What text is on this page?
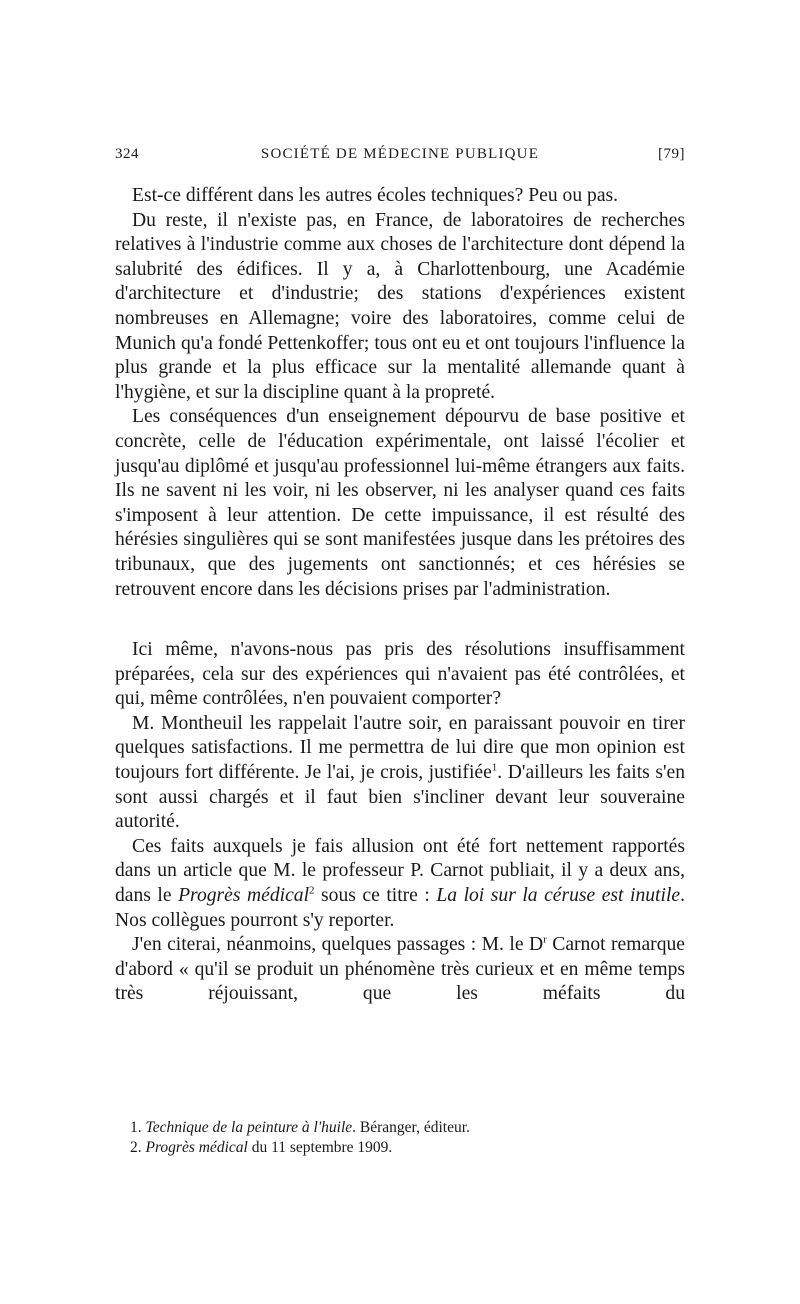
324	SOCIÉTÉ DE MÉDECINE PUBLIQUE	[79]

Est-ce différent dans les autres écoles techniques? Peu ou pas.

Du reste, il n'existe pas, en France, de laboratoires de recherches relatives à l'industrie comme aux choses de l'architecture dont dépend la salubrité des édifices. Il y a, à Charlottenbourg, une Académie d'architecture et d'industrie; des stations d'expériences existent nombreuses en Allemagne; voire des laboratoires, comme celui de Munich qu'a fondé Pettenkoffer; tous ont eu et ont toujours l'influence la plus grande et la plus efficace sur la mentalité allemande quant à l'hygiène, et sur la discipline quant à la propreté.

Les conséquences d'un enseignement dépourvu de base positive et concrète, celle de l'éducation expérimentale, ont laissé l'écolier et jusqu'au diplômé et jusqu'au professionnel lui-même étrangers aux faits. Ils ne savent ni les voir, ni les observer, ni les analyser quand ces faits s'imposent à leur attention. De cette impuissance, il est résulté des hérésies singulières qui se sont manifestées jusque dans les prétoires des tribunaux, que des jugements ont sanctionnés; et ces hérésies se retrouvent encore dans les décisions prises par l'administration.

Ici même, n'avons-nous pas pris des résolutions insuffisamment préparées, cela sur des expériences qui n'avaient pas été contrôlées, et qui, même contrôlées, n'en pouvaient comporter?

M. Montheuil les rappelait l'autre soir, en paraissant pouvoir en tirer quelques satisfactions. Il me permettra de lui dire que mon opinion est toujours fort différente. Je l'ai, je crois, justifiée$^1$. D'ailleurs les faits s'en sont aussi chargés et il faut bien s'incliner devant leur souveraine autorité.

Ces faits auxquels je fais allusion ont été fort nettement rapportés dans un article que M. le professeur P. Carnot publiait, il y a deux ans, dans le Progrès médical$^2$ sous ce titre : La loi sur la céruse est inutile. Nos collègues pourront s'y reporter.

J'en citerai, néanmoins, quelques passages : M. le $D^r$ Carnot remarque d'abord « qu'il se produit un phénomène très curieux et en même temps très réjouissant, que les méfaits du

1. Technique de la peinture à l'huile. Béranger, éditeur.
2. Progrès médical du 11 septembre 1909.
